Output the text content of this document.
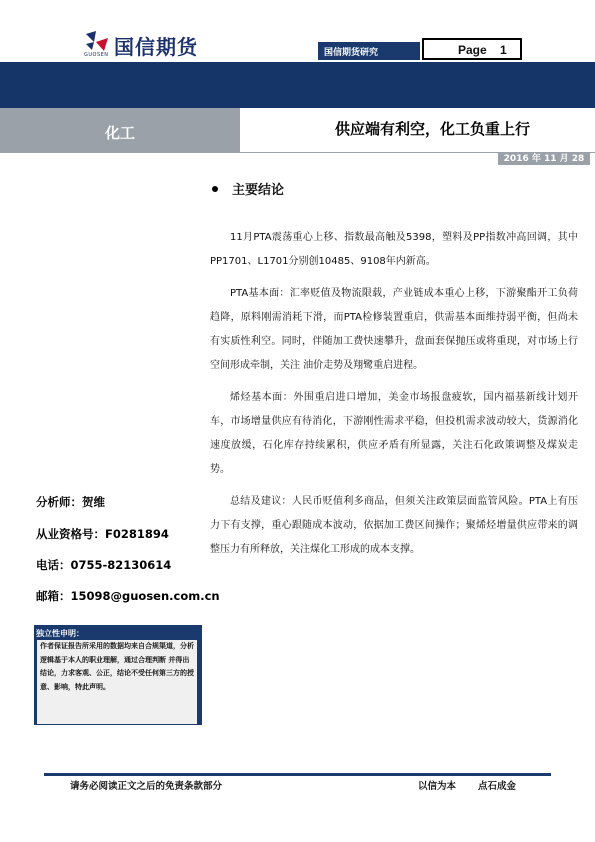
国信期货
GUOSEN	国信期货研究	Page 1
化工	供应端有利空，化工负重上行
2016 年 11 月 28 日
主要结论

11月PTA震荡重心上移、指数最高触及5398，塑料及PP指数冲高回调，其中PP1701、L1701分别创10485、9108年内新高。

PTA基本面：汇率贬值及物流限载，产业链成本重心上移，下游聚酯开工负荷趋降，原料刚需消耗下滑，而PTA检修装置重启，供需基本面维持弱平衡，但尚未有实质性利空。同时，伴随加工费快速攀升，盘面套保抛压或将重现，对市场上行空间形成牵制，关注 油价走势及翔鹭重启进程。

烯烃基本面：外围重启进口增加，美金市场报盘疲软，国内福基新线计划开车，市场增量供应有待消化，下游刚性需求平稳，但投机需求波动较大，货源消化速度放缓，石化库存持续累积，供应矛盾有所显露，关注石化政策调整及煤炭走势。

总结及建议：人民币贬值利多商品，但须关注政策层面监管风险。PTA上有压力下有支撑，重心跟随成本波动，依据加工费区间操作；聚烯烃增量供应带来的调整压力有所释放，关注煤化工形成的成本支撑。

分析师：贺维
从业资格号：F0281894
电话：0755-82130614
邮箱：15098@guosen.com.cn
独立性申明：
作者保证报告所采用的数据均来自合规渠道，分析逻辑基于本人的职业理解，通过合理判断 并得出结论，力求客观、公正，结论不受任何第三方的授意、影响，特此声明。
请务必阅读正文之后的免责条款部分	以信为本 点石成金
